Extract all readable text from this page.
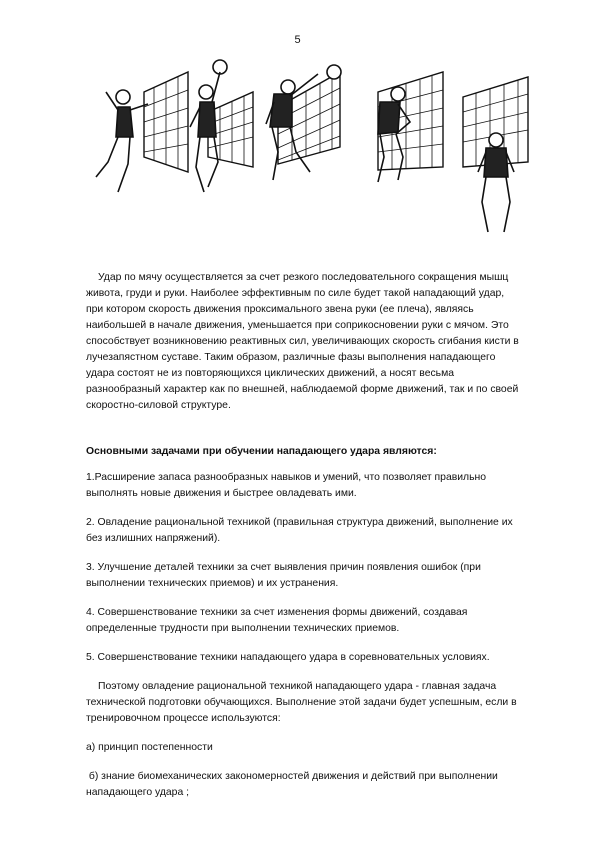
5

Удар по мячу осуществляется за счет резкого последовательного сокращения мышц

живота, груди и руки. Наиболее эффективным по силе будет такой нападающий удар,

при котором скорость движения проксимального звена руки (ее плеча), являясь

наибольшей в начале движения, уменьшается при соприкосновении руки с мячом. Это

способствует возникновению реактивных сил, увеличивающих скорость сгибания кисти в

лучезапястном суставе. Таким образом, различные фазы выполнения нападающего

удара состоят не из повторяющихся циклических движений, а носят весьма

разнообразный характер как по внешней, наблюдаемой форме движений, так и по своей

скоростно-силовой структуре.

Основными задачами при обучении нападающего удара являются:

1.Расширение запаса разнообразных навыков и умений, что позволяет правильно

выполнять новые движения и быстрее овладевать ими.

2. Овладение рациональной техникой (правильная структура движений, выполнение их

без излишних напряжений).

3. Улучшение деталей техники за счет выявления причин появления ошибок (при

выполнении технических приемов) и их устранения.

4. Совершенствование техники за счет изменения формы движений, создавая

определенные трудности при выполнении технических приемов.

5. Совершенствование техники нападающего удара в соревновательных условиях.

Поэтому овладение рациональной техникой нападающего удара - главная задача

технической подготовки обучающихся. Выполнение этой задачи будет успешным, если в

тренировочном процессе используются:

а) принцип постепенности

б) знание биомеханических закономерностей движения и действий при выполнении

нападающего удара ;
